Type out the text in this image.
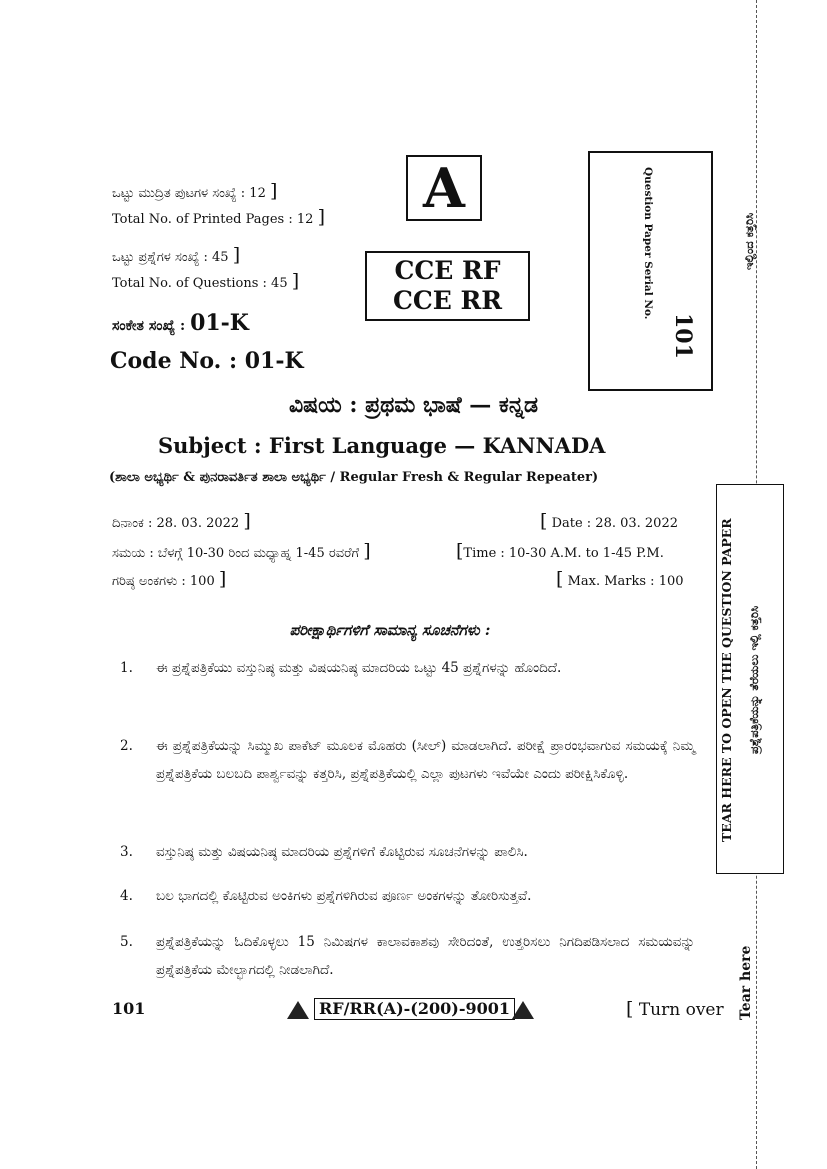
ಇಲ್ಲಿಂದ ಕತ್ತರಿಸಿ
TEAR HERE TO OPEN THE QUESTION PAPER ಪ್ರಶ್ನೆಪತ್ರಿಕೆಯನ್ನು ತೆರೆಯಲು ಇಲ್ಲಿ ಕತ್ತರಿಸಿ
Tear here
ಒಟ್ಟು ಮುದ್ರಿತ ಪುಟಗಳ ಸಂಖ್ಯೆ : 12 ]
Total No. of Printed Pages : 12 ]
ಒಟ್ಟು ಪ್ರಶ್ನೆಗಳ ಸಂಖ್ಯೆ : 45 ]
Total No. of Questions : 45 ]
ಸಂಕೇತ ಸಂಖ್ಯೆ : 01-K
Code No. : 01-K
A
CCE RF
CCE RR	Question Paper Serial No.
101
ವಿಷಯ : ಪ್ರಥಮ ಭಾಷೆ — ಕನ್ನಡ
Subject : First Language — KANNADA
(ಶಾಲಾ ಅಭ್ಯರ್ಥಿ & ಪುನರಾವರ್ತಿತ ಶಾಲಾ ಅಭ್ಯರ್ಥಿ / Regular Fresh & Regular Repeater)
ದಿನಾಂಕ : 28. 03. 2022 ]	[ Date : 28. 03. 2022
ಸಮಯ : ಬೆಳಗ್ಗೆ 10-30 ರಿಂದ ಮಧ್ಯಾಹ್ನ 1-45 ರವರೆಗೆ ]	[Time : 10-30 A.M. to 1-45 P.M.
ಗರಿಷ್ಠ ಅಂಕಗಳು : 100 ]	[ Max. Marks : 100
ಪರೀಕ್ಷಾರ್ಥಿಗಳಿಗೆ ಸಾಮಾನ್ಯ ಸೂಚನೆಗಳು :
1. ಈ ಪ್ರಶ್ನೆಪತ್ರಿಕೆಯು ವಸ್ತುನಿಷ್ಠ ಮತ್ತು ವಿಷಯನಿಷ್ಠ ಮಾದರಿಯ ಒಟ್ಟು 45 ಪ್ರಶ್ನೆಗಳನ್ನು ಹೊಂದಿದೆ.
2. ಈ ಪ್ರಶ್ನೆಪತ್ರಿಕೆಯನ್ನು ಸಿಮ್ಮುಖ ಪಾಕೆಟ್ ಮೂಲಕ ಮೊಹರು (ಸೀಲ್) ಮಾಡಲಾಗಿದೆ. ಪರೀಕ್ಷೆ ಪ್ರಾರಂಭವಾಗುವ ಸಮಯಕ್ಕೆ ನಿಮ್ಮ ಪ್ರಶ್ನೆಪತ್ರಿಕೆಯ ಬಲಬದಿ ಪಾರ್ಶ್ವವನ್ನು ಕತ್ತರಿಸಿ, ಪ್ರಶ್ನೆಪತ್ರಿಕೆಯಲ್ಲಿ ಎಲ್ಲಾ ಪುಟಗಳು ಇವೆಯೇ ಎಂದು ಪರೀಕ್ಷಿಸಿಕೊಳ್ಳಿ.
3. ವಸ್ತುನಿಷ್ಠ ಮತ್ತು ವಿಷಯನಿಷ್ಠ ಮಾದರಿಯ ಪ್ರಶ್ನೆಗಳಿಗೆ ಕೊಟ್ಟಿರುವ ಸೂಚನೆಗಳನ್ನು ಪಾಲಿಸಿ.
4. ಬಲ ಭಾಗದಲ್ಲಿ ಕೊಟ್ಟಿರುವ ಅಂಕಿಗಳು ಪ್ರಶ್ನೆಗಳಿಗಿರುವ ಪೂರ್ಣ ಅಂಕಗಳನ್ನು ತೋರಿಸುತ್ತವೆ.
5. ಪ್ರಶ್ನೆಪತ್ರಿಕೆಯನ್ನು ಓದಿಕೊಳ್ಳಲು 15 ನಿಮಿಷಗಳ ಕಾಲಾವಕಾಶವು ಸೇರಿದಂತೆ, ಉತ್ತರಿಸಲು ನಿಗದಿಪಡಿಸಲಾದ ಸಮಯವನ್ನು ಪ್ರಶ್ನೆಪತ್ರಿಕೆಯ ಮೇಲ್ಭಾಗದಲ್ಲಿ ನೀಡಲಾಗಿದೆ.
101	RF/RR(A)-(200)-9001	[ Turn over
